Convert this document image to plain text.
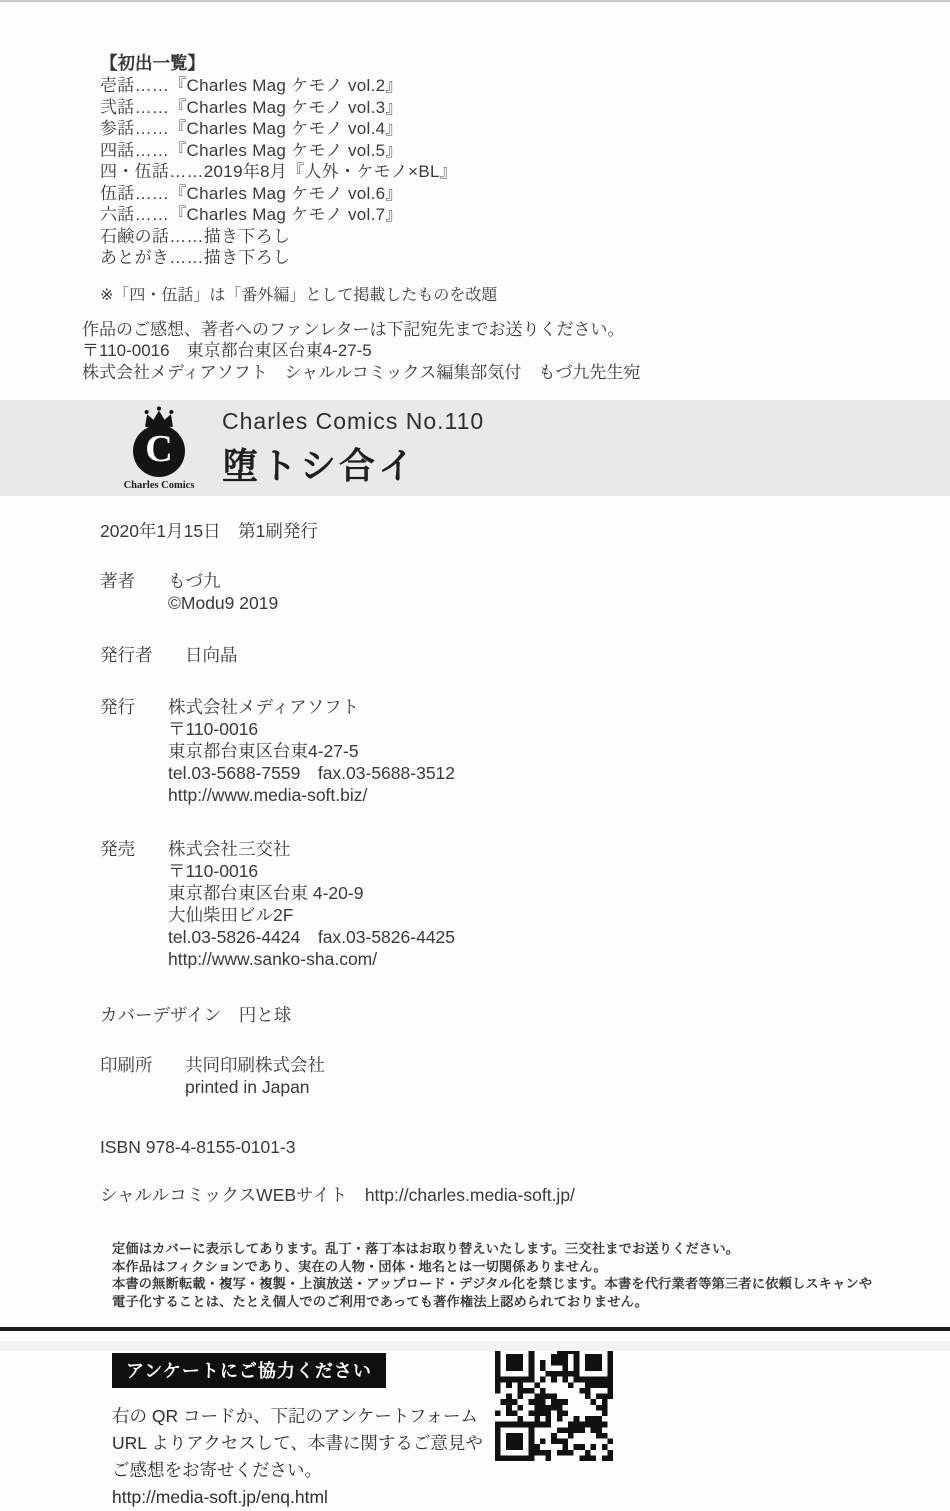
【初出一覧】
壱話……『Charles Mag ケモノ vol.2』
弐話……『Charles Mag ケモノ vol.3』
参話……『Charles Mag ケモノ vol.4』
四話……『Charles Mag ケモノ vol.5』
四・伍話……2019年8月『人外・ケモノ×BL』
伍話……『Charles Mag ケモノ vol.6』
六話……『Charles Mag ケモノ vol.7』
石鹸の話……描き下ろし
あとがき……描き下ろし
※「四・伍話」は「番外編」として掲載したものを改題
作品のご感想、著者へのファンレターは下記宛先までお送りください。
〒110-0016　東京都台東区台東4-27-5
株式会社メディアソフト　シャルルコミックス編集部気付　もづ九先生宛
C
Charles Comics
Charles Comics No.110
堕トシ合イ
2020年1月15日　第1刷発行
著者	もづ九
©Modu9 2019
発行者	日向晶
発行	株式会社メディアソフト
〒110-0016
東京都台東区台東4-27-5
tel.03-5688-7559　fax.03-5688-3512
http://www.media-soft.biz/
発売	株式会社三交社
〒110-0016
東京都台東区台東 4-20-9
大仙柴田ビル2F
tel.03-5826-4424　fax.03-5826-4425
http://www.sanko-sha.com/
カバーデザイン　円と球
印刷所	共同印刷株式会社
printed in Japan
ISBN 978-4-8155-0101-3
シャルルコミックスWEBサイト　http://charles.media-soft.jp/
定価はカバーに表示してあります。乱丁・落丁本はお取り替えいたします。三交社までお送りください。
本作品はフィクションであり、実在の人物・団体・地名とは一切関係ありません。
本書の無断転載・複写・複製・上演放送・アップロード・デジタル化を禁じます。本書を代行業者等第三者に依頼しスキャンや
電子化することは、たとえ個人でのご利用であっても著作権法上認められておりません。
アンケートにご協力ください
右の QR コードか、下記のアンケートフォーム
URL よりアクセスして、本書に関するご意見や
ご感想をお寄せください。
http://media-soft.jp/enq.html
